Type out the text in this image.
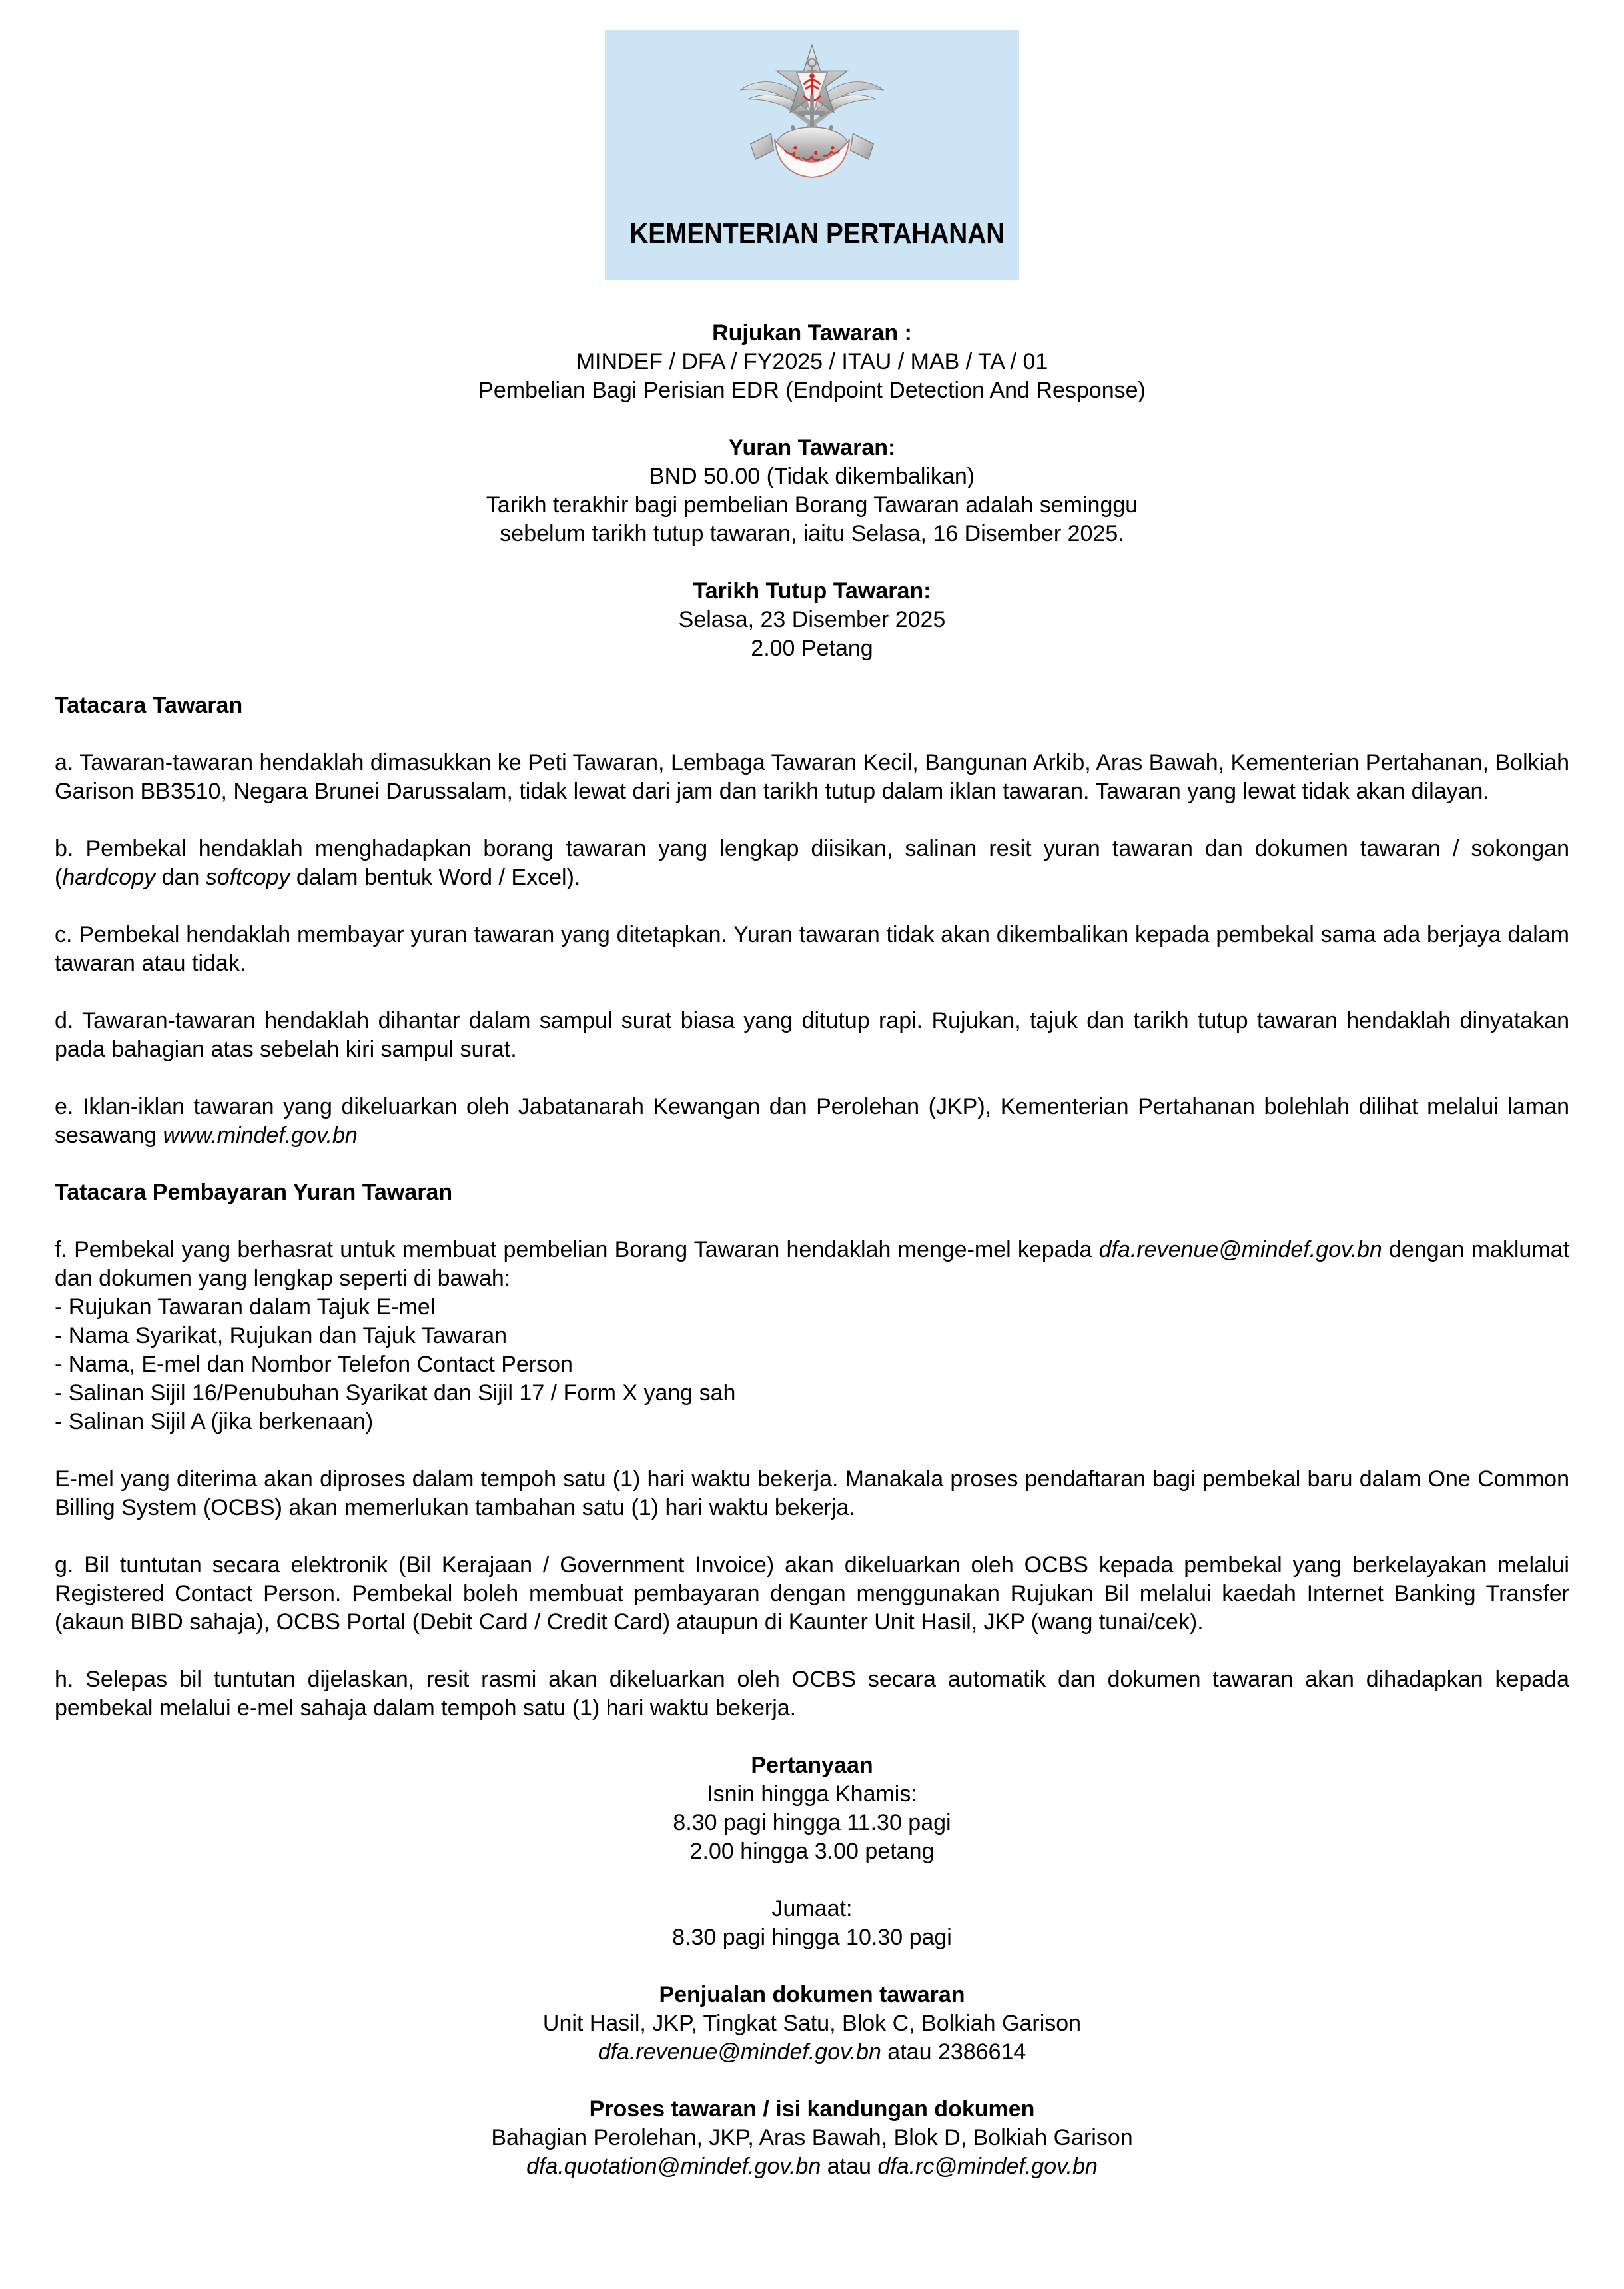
KEMENTERIAN PERTAHANAN

Rujukan Tawaran :

MINDEF / DFA / FY2025 / ITAU / MAB / TA / 01

Pembelian Bagi Perisian EDR (Endpoint Detection And Response)

Yuran Tawaran:

BND 50.00 (Tidak dikembalikan)

Tarikh terakhir bagi pembelian Borang Tawaran adalah seminggu

sebelum tarikh tutup tawaran, iaitu Selasa, 16 Disember 2025.

Tarikh Tutup Tawaran:

Selasa, 23 Disember 2025

2.00 Petang

Tatacara Tawaran

a. Tawaran-tawaran hendaklah dimasukkan ke Peti Tawaran, Lembaga Tawaran Kecil, Bangunan Arkib, Aras Bawah, Kementerian Pertahanan, Bolkiah Garison BB3510, Negara Brunei Darussalam, tidak lewat dari jam dan tarikh tutup dalam iklan tawaran. Tawaran yang lewat tidak akan dilayan.

b. Pembekal hendaklah menghadapkan borang tawaran yang lengkap diisikan, salinan resit yuran tawaran dan dokumen tawaran / sokongan (hardcopy dan softcopy dalam bentuk Word / Excel).

c. Pembekal hendaklah membayar yuran tawaran yang ditetapkan. Yuran tawaran tidak akan dikembalikan kepada pembekal sama ada berjaya dalam tawaran atau tidak.

d. Tawaran-tawaran hendaklah dihantar dalam sampul surat biasa yang ditutup rapi. Rujukan, tajuk dan tarikh tutup tawaran hendaklah dinyatakan pada bahagian atas sebelah kiri sampul surat.

e. Iklan-iklan tawaran yang dikeluarkan oleh Jabatanarah Kewangan dan Perolehan (JKP), Kementerian Pertahanan bolehlah dilihat melalui laman sesawang www.mindef.gov.bn

Tatacara Pembayaran Yuran Tawaran

f. Pembekal yang berhasrat untuk membuat pembelian Borang Tawaran hendaklah menge-mel kepada dfa.revenue@mindef.gov.bn dengan maklumat dan dokumen yang lengkap seperti di bawah:

- Rujukan Tawaran dalam Tajuk E-mel

- Nama Syarikat, Rujukan dan Tajuk Tawaran

- Nama, E-mel dan Nombor Telefon Contact Person

- Salinan Sijil 16/Penubuhan Syarikat dan Sijil 17 / Form X yang sah

- Salinan Sijil A (jika berkenaan)

E-mel yang diterima akan diproses dalam tempoh satu (1) hari waktu bekerja. Manakala proses pendaftaran bagi pembekal baru dalam One Common Billing System (OCBS) akan memerlukan tambahan satu (1) hari waktu bekerja.

g. Bil tuntutan secara elektronik (Bil Kerajaan / Government Invoice) akan dikeluarkan oleh OCBS kepada pembekal yang berkelayakan melalui Registered Contact Person. Pembekal boleh membuat pembayaran dengan menggunakan Rujukan Bil melalui kaedah Internet Banking Transfer (akaun BIBD sahaja), OCBS Portal (Debit Card / Credit Card) ataupun di Kaunter Unit Hasil, JKP (wang tunai/cek).

h. Selepas bil tuntutan dijelaskan, resit rasmi akan dikeluarkan oleh OCBS secara automatik dan dokumen tawaran akan dihadapkan kepada pembekal melalui e-mel sahaja dalam tempoh satu (1) hari waktu bekerja.

Pertanyaan

Isnin hingga Khamis:

8.30 pagi hingga 11.30 pagi

2.00 hingga 3.00 petang

Jumaat:

8.30 pagi hingga 10.30 pagi

Penjualan dokumen tawaran

Unit Hasil, JKP, Tingkat Satu, Blok C, Bolkiah Garison

dfa.revenue@mindef.gov.bn atau 2386614

Proses tawaran / isi kandungan dokumen

Bahagian Perolehan, JKP, Aras Bawah, Blok D, Bolkiah Garison

dfa.quotation@mindef.gov.bn atau dfa.rc@mindef.gov.bn
